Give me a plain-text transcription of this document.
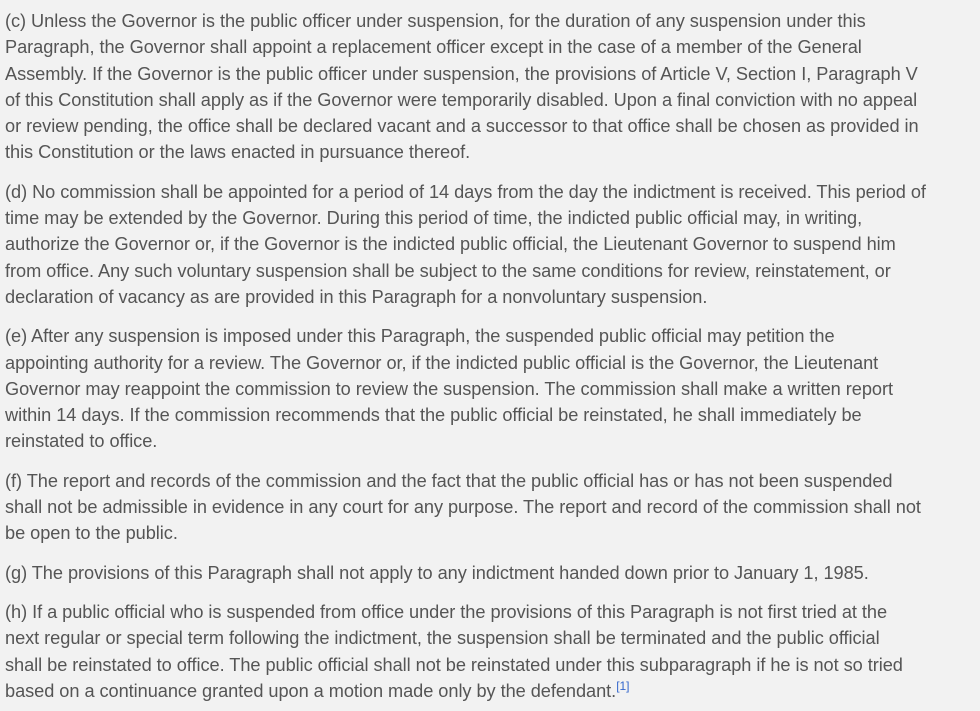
(c) Unless the Governor is the public officer under suspension, for the duration of any suspension under this
Paragraph, the Governor shall appoint a replacement officer except in the case of a member of the General
Assembly. If the Governor is the public officer under suspension, the provisions of Article V, Section I, Paragraph V
of this Constitution shall apply as if the Governor were temporarily disabled. Upon a final conviction with no appeal
or review pending, the office shall be declared vacant and a successor to that office shall be chosen as provided in
this Constitution or the laws enacted in pursuance thereof.

(d) No commission shall be appointed for a period of 14 days from the day the indictment is received. This period of
time may be extended by the Governor. During this period of time, the indicted public official may, in writing,
authorize the Governor or, if the Governor is the indicted public official, the Lieutenant Governor to suspend him
from office. Any such voluntary suspension shall be subject to the same conditions for review, reinstatement, or
declaration of vacancy as are provided in this Paragraph for a nonvoluntary suspension.

(e) After any suspension is imposed under this Paragraph, the suspended public official may petition the
appointing authority for a review. The Governor or, if the indicted public official is the Governor, the Lieutenant
Governor may reappoint the commission to review the suspension. The commission shall make a written report
within 14 days. If the commission recommends that the public official be reinstated, he shall immediately be
reinstated to office.

(f) The report and records of the commission and the fact that the public official has or has not been suspended
shall not be admissible in evidence in any court for any purpose. The report and record of the commission shall not
be open to the public.

(g) The provisions of this Paragraph shall not apply to any indictment handed down prior to January 1, 1985.

(h) If a public official who is suspended from office under the provisions of this Paragraph is not first tried at the
next regular or special term following the indictment, the suspension shall be terminated and the public official
shall be reinstated to office. The public official shall not be reinstated under this subparagraph if he is not so tried
based on a continuance granted upon a motion made only by the defendant.[1]
